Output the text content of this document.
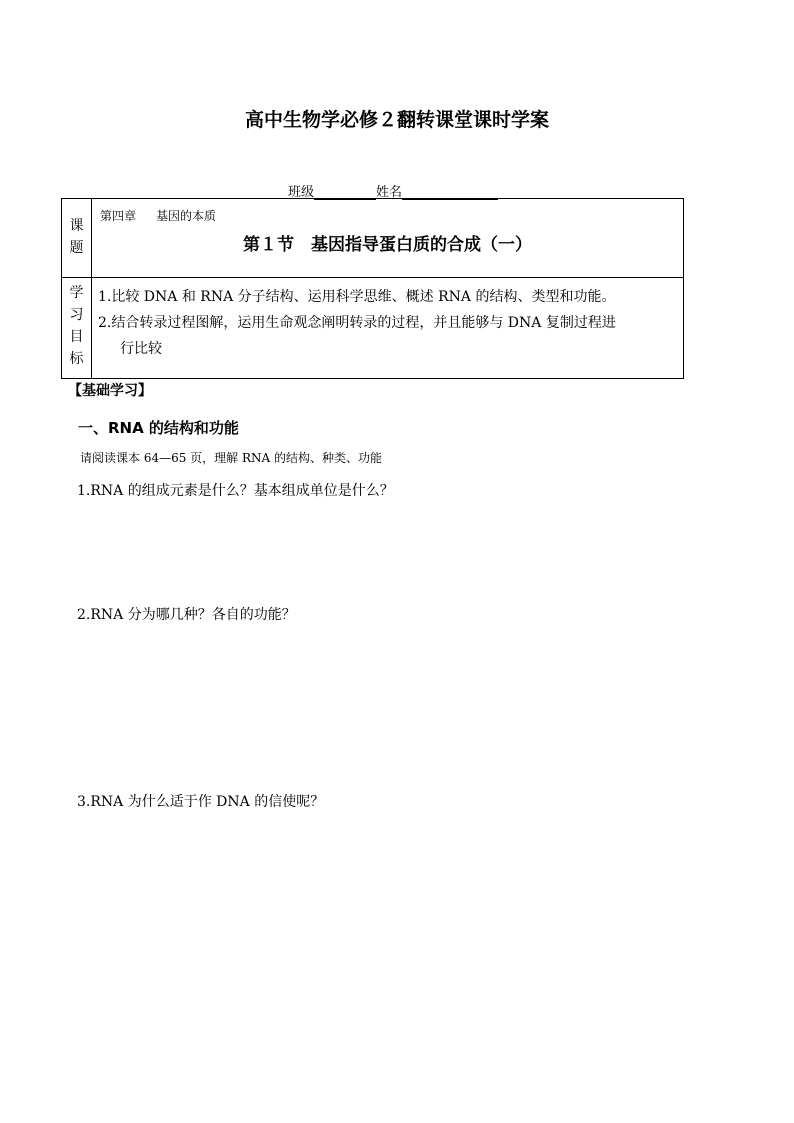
高中生物学必修２翻转课堂课时学案
班级	姓名
课题	第四章 基因的本质
第１节　基因指导蛋白质的合成（一）

学习目标	1.比较 DNA 和 RNA 分子结构、运用科学思维、概述 RNA 的结构、类型和功能。
2.结合转录过程图解，运用生命观念阐明转录的过程，并且能够与 DNA 复制过程进
行比较
【基础学习】
一、RNA 的结构和功能
请阅读课本 64—65 页，理解 RNA 的结构、种类、功能
1.RNA 的组成元素是什么？基本组成单位是什么？
2.RNA 分为哪几种？各自的功能？
3.RNA 为什么适于作 DNA 的信使呢？
